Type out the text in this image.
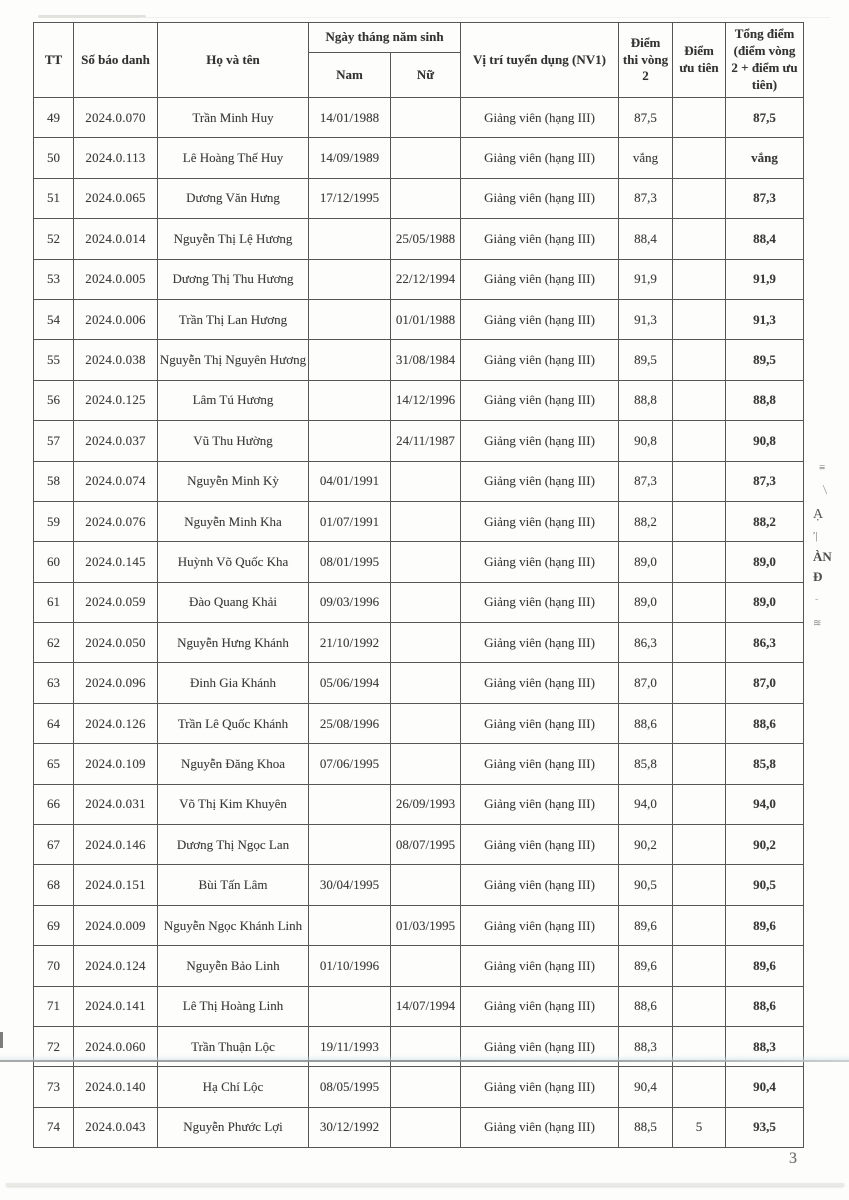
TT	Số báo danh	Họ và tên	Ngày tháng năm sinh		Vị trí tuyển dụng (NV1)	Điểm thi vòng 2	Điểm ưu tiên	Tổng điểm (điểm vòng 2 + điểm ưu tiên)
			Nam	Nữ				
49	2024.0.070	Trần Minh Huy	14/01/1988		Giảng viên (hạng III)	87,5		87,5
50	2024.0.113	Lê Hoàng Thế Huy	14/09/1989		Giảng viên (hạng III)	vắng		vắng
51	2024.0.065	Dương Văn Hưng	17/12/1995		Giảng viên (hạng III)	87,3		87,3
52	2024.0.014	Nguyễn Thị Lệ Hương		25/05/1988	Giảng viên (hạng III)	88,4		88,4
53	2024.0.005	Dương Thị Thu Hương		22/12/1994	Giảng viên (hạng III)	91,9		91,9
54	2024.0.006	Trần Thị Lan Hương		01/01/1988	Giảng viên (hạng III)	91,3		91,3
55	2024.0.038	Nguyễn Thị Nguyên Hương		31/08/1984	Giảng viên (hạng III)	89,5		89,5
56	2024.0.125	Lâm Tú Hương		14/12/1996	Giảng viên (hạng III)	88,8		88,8
57	2024.0.037	Vũ Thu Hường		24/11/1987	Giảng viên (hạng III)	90,8		90,8
58	2024.0.074	Nguyễn Minh Kỳ	04/01/1991		Giảng viên (hạng III)	87,3		87,3
59	2024.0.076	Nguyễn Minh Kha	01/07/1991		Giảng viên (hạng III)	88,2		88,2
60	2024.0.145	Huỳnh Võ Quốc Kha	08/01/1995		Giảng viên (hạng III)	89,0		89,0
61	2024.0.059	Đào Quang Khải	09/03/1996		Giảng viên (hạng III)	89,0		89,0
62	2024.0.050	Nguyễn Hưng Khánh	21/10/1992		Giảng viên (hạng III)	86,3		86,3
63	2024.0.096	Đinh Gia Khánh	05/06/1994		Giảng viên (hạng III)	87,0		87,0
64	2024.0.126	Trần Lê Quốc Khánh	25/08/1996		Giảng viên (hạng III)	88,6		88,6
65	2024.0.109	Nguyễn Đăng Khoa	07/06/1995		Giảng viên (hạng III)	85,8		85,8
66	2024.0.031	Võ Thị Kim Khuyên		26/09/1993	Giảng viên (hạng III)	94,0		94,0
67	2024.0.146	Dương Thị Ngọc Lan		08/07/1995	Giảng viên (hạng III)	90,2		90,2
68	2024.0.151	Bùi Tấn Lâm	30/04/1995		Giảng viên (hạng III)	90,5		90,5
69	2024.0.009	Nguyễn Ngọc Khánh Linh		01/03/1995	Giảng viên (hạng III)	89,6		89,6
70	2024.0.124	Nguyễn Bảo Linh	01/10/1996		Giảng viên (hạng III)	89,6		89,6
71	2024.0.141	Lê Thị Hoàng Linh		14/07/1994	Giảng viên (hạng III)	88,6		88,6
72	2024.0.060	Trần Thuận Lộc	19/11/1993		Giảng viên (hạng III)	88,3		88,3
73	2024.0.140	Hạ Chí Lộc	08/05/1995		Giảng viên (hạng III)	90,4		90,4
74	2024.0.043	Nguyễn Phước Lợi	30/12/1992		Giảng viên (hạng III)	88,5	5	93,5
≡
⟍
Ạ
ʹ|
ÀN
Đ
˜
≋
3
